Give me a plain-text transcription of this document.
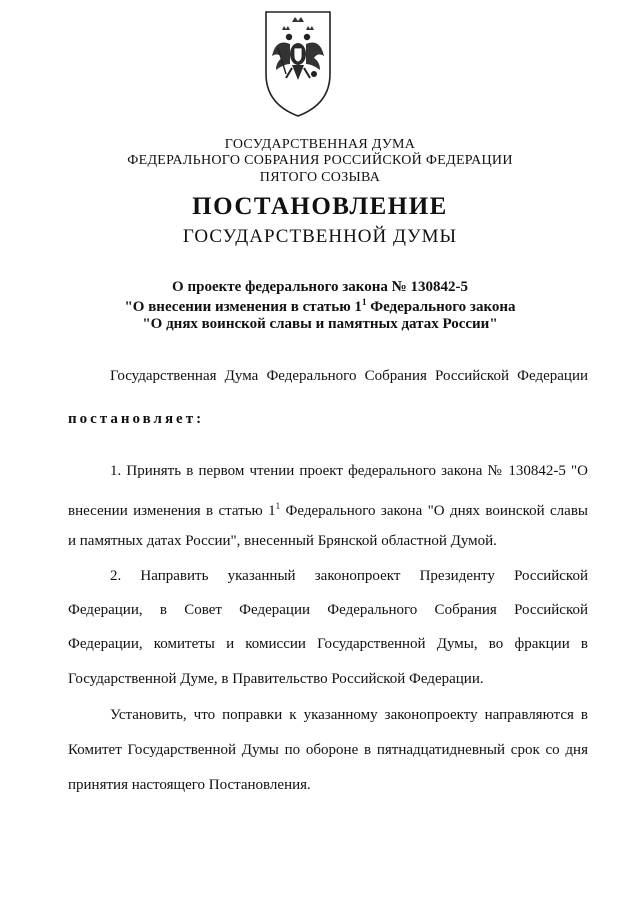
ГОСУДАРСТВЕННАЯ ДУМА
ФЕДЕРАЛЬНОГО СОБРАНИЯ РОССИЙСКОЙ ФЕДЕРАЦИИ
ПЯТОГО СОЗЫВА
ПОСТАНОВЛЕНИЕ
ГОСУДАРСТВЕННОЙ ДУМЫ
О проекте федерального закона № 130842-5
"О внесении изменения в статью $1^1$ Федерального закона
"О днях воинской славы и памятных датах России"
Государственная Дума Федерального Собрания Российской Федерации
постановляет:
1. Принять в первом чтении проект федерального закона № 130842-5 "О
внесении изменения в статью $1^1$ Федерального закона "О днях воинской славы
и памятных датах России", внесенный Брянской областной Думой.
2. Направить указанный законопроект Президенту Российской
Федерации, в Совет Федерации Федерального Собрания Российской
Федерации, комитеты и комиссии Государственной Думы, во фракции в
Государственной Думе, в Правительство Российской Федерации.
Установить, что поправки к указанному законопроекту направляются в
Комитет Государственной Думы по обороне в пятнадцатидневный срок со дня
принятия настоящего Постановления.
